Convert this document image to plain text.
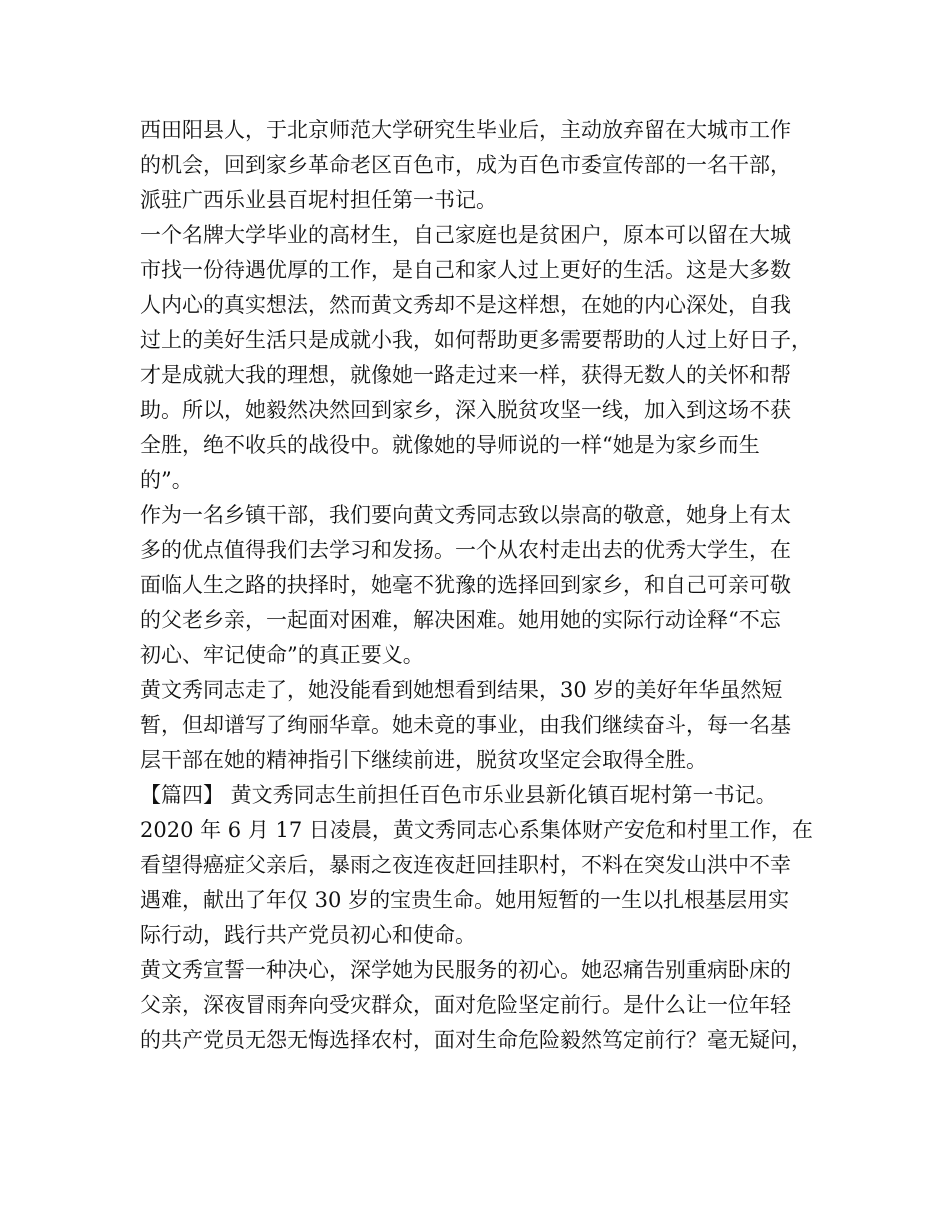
西田阳县人，于北京师范大学研究生毕业后，主动放弃留在大城市工作
的机会，回到家乡革命老区百色市，成为百色市委宣传部的一名干部，
派驻广西乐业县百坭村担任第一书记。
一个名牌大学毕业的高材生，自己家庭也是贫困户，原本可以留在大城
市找一份待遇优厚的工作，是自己和家人过上更好的生活。这是大多数
人内心的真实想法，然而黄文秀却不是这样想，在她的内心深处，自我
过上的美好生活只是成就小我，如何帮助更多需要帮助的人过上好日子，
才是成就大我的理想，就像她一路走过来一样，获得无数人的关怀和帮
助。所以，她毅然决然回到家乡，深入脱贫攻坚一线，加入到这场不获
全胜，绝不收兵的战役中。就像她的导师说的一样“她是为家乡而生
的”。
作为一名乡镇干部，我们要向黄文秀同志致以崇高的敬意，她身上有太
多的优点值得我们去学习和发扬。一个从农村走出去的优秀大学生，在
面临人生之路的抉择时，她毫不犹豫的选择回到家乡，和自己可亲可敬
的父老乡亲，一起面对困难，解决困难。她用她的实际行动诠释“不忘
初心、牢记使命”的真正要义。
黄文秀同志走了，她没能看到她想看到结果，30 岁的美好年华虽然短
暂，但却谱写了绚丽华章。她未竟的事业，由我们继续奋斗，每一名基
层干部在她的精神指引下继续前进，脱贫攻坚定会取得全胜。
【篇四】 黄文秀同志生前担任百色市乐业县新化镇百坭村第一书记。
2020 年 6 月 17 日凌晨，黄文秀同志心系集体财产安危和村里工作，在
看望得癌症父亲后，暴雨之夜连夜赶回挂职村，不料在突发山洪中不幸
遇难，献出了年仅 30 岁的宝贵生命。她用短暂的一生以扎根基层用实
际行动，践行共产党员初心和使命。
黄文秀宣誓一种决心，深学她为民服务的初心。她忍痛告别重病卧床的
父亲，深夜冒雨奔向受灾群众，面对危险坚定前行。是什么让一位年轻
的共产党员无怨无悔选择农村，面对生命危险毅然笃定前行？毫无疑问，
